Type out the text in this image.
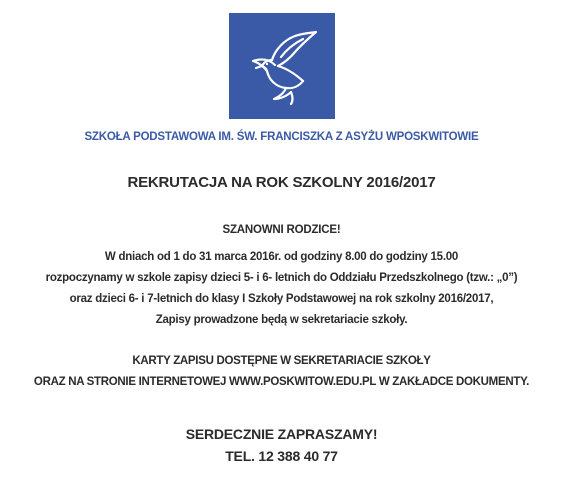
SZKOŁA PODSTAWOWA IM. ŚW. FRANCISZKA Z ASYŻU WPOSKWITOWIE
REKRUTACJA NA ROK SZKOLNY 2016/2017
SZANOWNI RODZICE!
W dniach od 1 do 31 marca 2016r. od godziny 8.00 do godziny 15.00
rozpoczynamy w szkole zapisy dzieci 5- i 6- letnich do Oddziału Przedszkolnego (tzw.: „0”)
oraz dzieci 6- i 7-letnich do klasy I Szkoły Podstawowej na rok szkolny 2016/2017,
Zapisy prowadzone będą w sekretariacie szkoły.
KARTY ZAPISU DOSTĘPNE W SEKRETARIACIE SZKOŁY
ORAZ NA STRONIE INTERNETOWEJ WWW.POSKWITOW.EDU.PL W ZAKŁADCE DOKUMENTY.
SERDECZNIE ZAPRASZAMY!
TEL. 12 388 40 77
